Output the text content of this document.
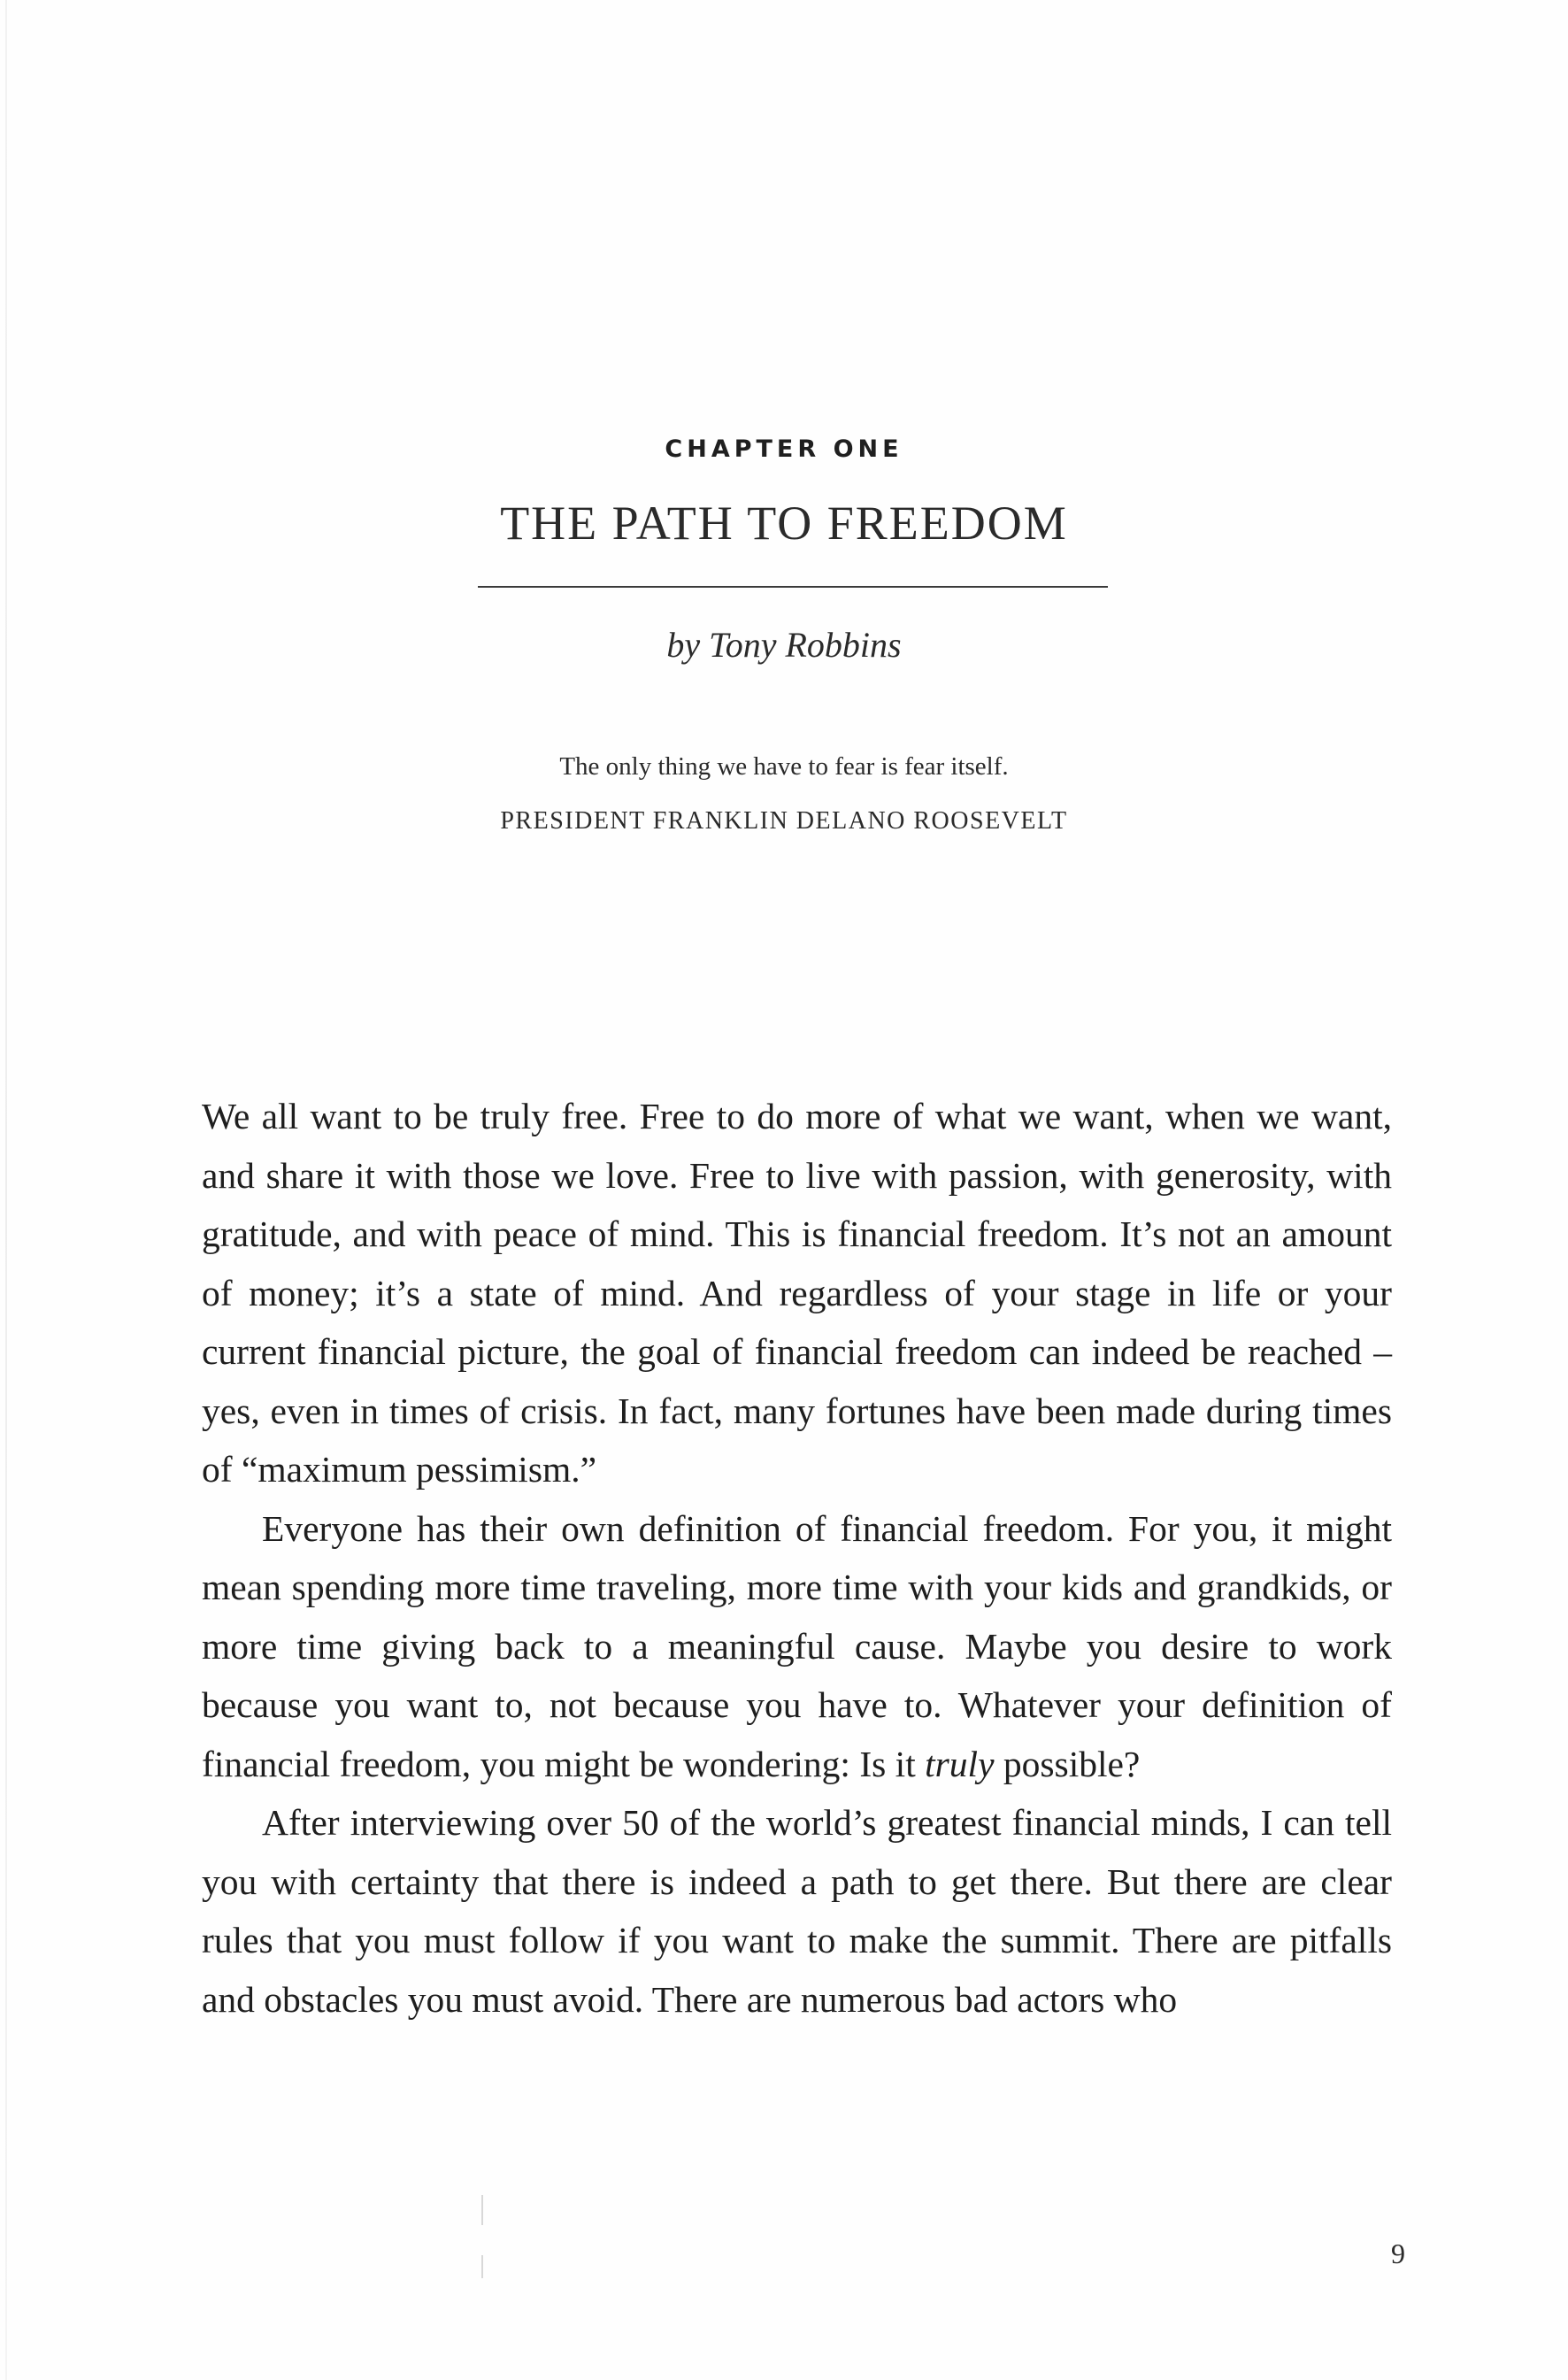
CHAPTER ONE
THE PATH TO FREEDOM
by Tony Robbins
The only thing we have to fear is fear itself.
PRESIDENT FRANKLIN DELANO ROOSEVELT

We all want to be truly free. Free to do more of what we want, when we want, and share it with those we love. Free to live with passion, with generosity, with gratitude, and with peace of mind. This is financial freedom. It’s not an amount of money; it’s a state of mind. And regardless of your stage in life or your current financial picture, the goal of financial freedom can indeed be reached – yes, even in times of crisis. In fact, many fortunes have been made during times of “maximum pessimism.”

Everyone has their own definition of financial freedom. For you, it might mean spending more time traveling, more time with your kids and grandkids, or more time giving back to a meaningful cause. Maybe you desire to work because you want to, not because you have to. Whatever your definition of financial freedom, you might be wondering: Is it truly possible?

After interviewing over 50 of the world’s greatest financial minds, I can tell you with certainty that there is indeed a path to get there. But there are clear rules that you must follow if you want to make the summit. There are pitfalls and obstacles you must avoid. There are numerous bad actors who

9
